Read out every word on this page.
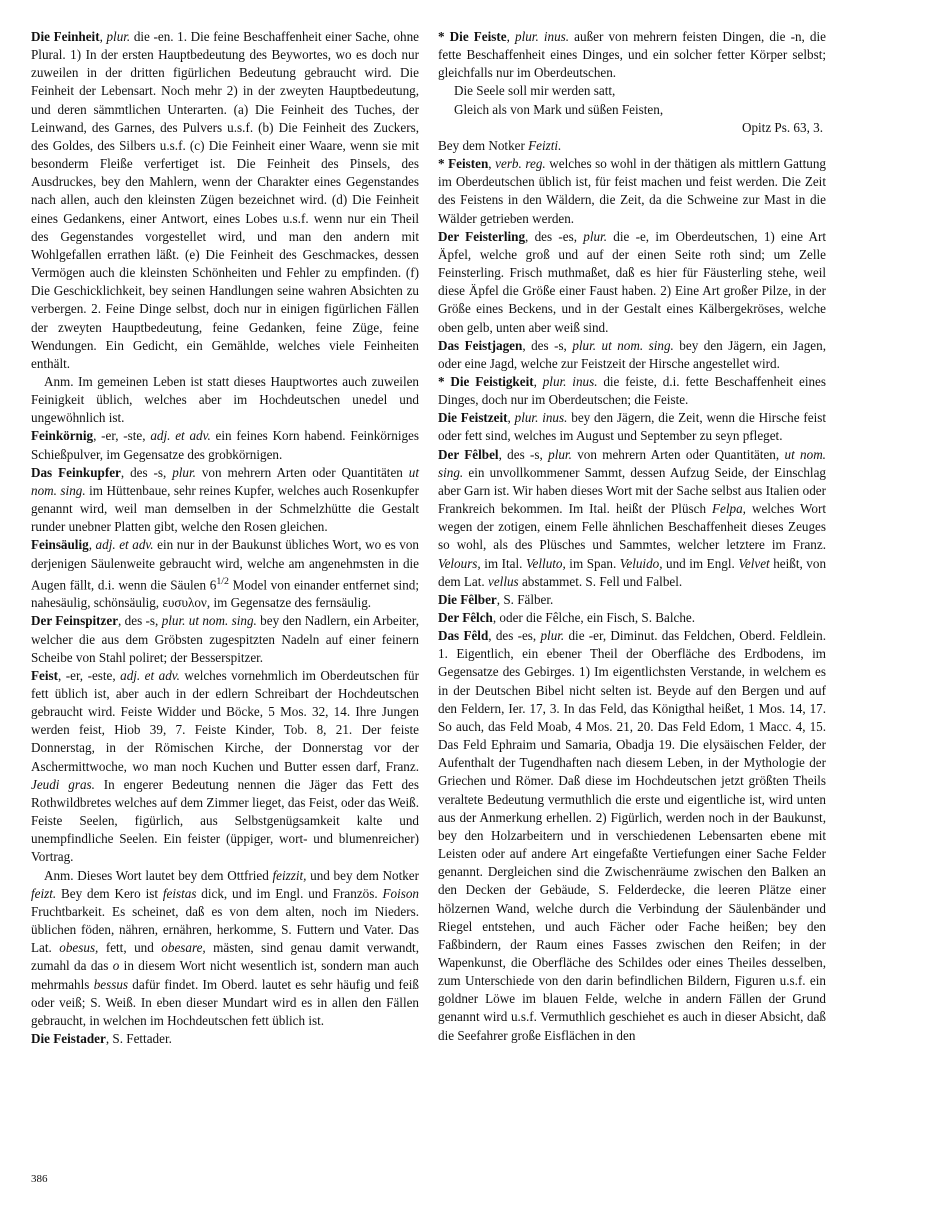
Die Feinheit, plur. die -en. 1. Die feine Beschaffenheit einer Sache, ohne Plural. 1) In der ersten Hauptbedeutung des Beywortes, wo es doch nur zuweilen in der dritten figürlichen Bedeutung gebraucht wird. Die Feinheit der Lebensart. Noch mehr 2) in der zweyten Hauptbedeutung, und deren sämmtlichen Unterarten. (a) Die Feinheit des Tuches, der Leinwand, des Garnes, des Pulvers u.s.f. (b) Die Feinheit des Zuckers, des Goldes, des Silbers u.s.f. (c) Die Feinheit einer Waare, wenn sie mit besonderm Fleiße verfertiget ist. Die Feinheit des Pinsels, des Ausdruckes, bey den Mahlern, wenn der Charakter eines Gegenstandes nach allen, auch den kleinsten Zügen bezeichnet wird. (d) Die Feinheit eines Gedankens, einer Antwort, eines Lobes u.s.f. wenn nur ein Theil des Gegenstandes vorgestellet wird, und man den andern mit Wohlgefallen errathen läßt. (e) Die Feinheit des Geschmackes, dessen Vermögen auch die kleinsten Schönheiten und Fehler zu empfinden. (f) Die Geschicklichkeit, bey seinen Handlungen seine wahren Absichten zu verbergen. 2. Feine Dinge selbst, doch nur in einigen figürlichen Fällen der zweyten Hauptbedeutung, feine Gedanken, feine Züge, feine Wendungen. Ein Gedicht, ein Gemählde, welches viele Feinheiten enthält.

Anm. Im gemeinen Leben ist statt dieses Hauptwortes auch zuweilen Feinigkeit üblich, welches aber im Hochdeutschen unedel und ungewöhnlich ist.

Feinkörnig, -er, -ste, adj. et adv. ein feines Korn habend. Feinkörniges Schießpulver, im Gegensatze des grobkörnigen.

Das Feinkupfer, des -s, plur. von mehrern Arten oder Quantitäten ut nom. sing. im Hüttenbaue, sehr reines Kupfer, welches auch Rosenkupfer genannt wird, weil man demselben in der Schmelzhütte die Gestalt runder unebner Platten gibt, welche den Rosen gleichen.

Feinsäulig, adj. et adv. ein nur in der Baukunst übliches Wort, wo es von derjenigen Säulenweite gebraucht wird, welche am angenehmsten in die Augen fällt, d.i. wenn die Säulen $6^{1/2}$ Model von einander entfernet sind; nahesäulig, schönsäulig, ευσυλον, im Gegensatze des fernsäulig.

Der Feinspitzer, des -s, plur. ut nom. sing. bey den Nadlern, ein Arbeiter, welcher die aus dem Gröbsten zugespitzten Nadeln auf einer feinern Scheibe von Stahl poliret; der Besserspitzer.

Feist, -er, -este, adj. et adv. welches vornehmlich im Oberdeutschen für fett üblich ist, aber auch in der edlern Schreibart der Hochdeutschen gebraucht wird. Feiste Widder und Böcke, 5 Mos. 32, 14. Ihre Jungen werden feist, Hiob 39, 7. Feiste Kinder, Tob. 8, 21. Der feiste Donnerstag, in der Römischen Kirche, der Donnerstag vor der Aschermittwoche, wo man noch Kuchen und Butter essen darf, Franz. Jeudi gras. In engerer Bedeutung nennen die Jäger das Fett des Rothwildbretes welches auf dem Zimmer lieget, das Feist, oder das Weiß. Feiste Seelen, figürlich, aus Selbstgenügsamkeit kalte und unempfindliche Seelen. Ein feister (üppiger, wort- und blumenreicher) Vortrag.

Anm. Dieses Wort lautet bey dem Ottfried feizzit, und bey dem Notker feizt. Bey dem Kero ist feistas dick, und im Engl. und Französ. Foison Fruchtbarkeit. Es scheinet, daß es von dem alten, noch im Nieders. üblichen föden, nähren, ernähren, herkomme, S. Futtern und Vater. Das Lat. obesus, fett, und obesare, mästen, sind genau damit verwandt, zumahl da das o in diesem Wort nicht wesentlich ist, sondern man auch mehrmahls bessus dafür findet. Im Oberd. lautet es sehr häufig und feiß oder veiß; S. Weiß. In eben dieser Mundart wird es in allen den Fällen gebraucht, in welchen im Hochdeutschen fett üblich ist.

Die Feistader, S. Fettader.

* Die Feiste, plur. inus. außer von mehrern feisten Dingen, die -n, die fette Beschaffenheit eines Dinges, und ein solcher fetter Körper selbst; gleichfalls nur im Oberdeutschen.

Die Seele soll mir werden satt,
Gleich als von Mark und süßen Feisten,
Opitz Ps. 63, 3.

Bey dem Notker Feizti.

* Feisten, verb. reg. welches so wohl in der thätigen als mittlern Gattung im Oberdeutschen üblich ist, für feist machen und feist werden. Die Zeit des Feistens in den Wäldern, die Zeit, da die Schweine zur Mast in die Wälder getrieben werden.

Der Feisterling, des -es, plur. die -e, im Oberdeutschen, 1) eine Art Äpfel, welche groß und auf der einen Seite roth sind; um Zelle Feinsterling. Frisch muthmaßet, daß es hier für Fäusterling stehe, weil diese Äpfel die Größe einer Faust haben. 2) Eine Art großer Pilze, in der Größe eines Beckens, und in der Gestalt eines Kälbergekröses, welche oben gelb, unten aber weiß sind.

Das Feistjagen, des -s, plur. ut nom. sing. bey den Jägern, ein Jagen, oder eine Jagd, welche zur Feistzeit der Hirsche angestellet wird.

* Die Feistigkeit, plur. inus. die feiste, d.i. fette Beschaffenheit eines Dinges, doch nur im Oberdeutschen; die Feiste.

Die Feistzeit, plur. inus. bey den Jägern, die Zeit, wenn die Hirsche feist oder fett sind, welches im August und September zu seyn pfleget.

Der Fêlbel, des -s, plur. von mehrern Arten oder Quantitäten, ut nom. sing. ein unvollkommener Sammt, dessen Aufzug Seide, der Einschlag aber Garn ist. Wir haben dieses Wort mit der Sache selbst aus Italien oder Frankreich bekommen. Im Ital. heißt der Plüsch Felpa, welches Wort wegen der zotigen, einem Felle ähnlichen Beschaffenheit dieses Zeuges so wohl, als des Plüsches und Sammtes, welcher letztere im Franz. Velours, im Ital. Velluto, im Span. Veluido, und im Engl. Velvet heißt, von dem Lat. vellus abstammet. S. Fell und Falbel.

Die Fêlber, S. Fälber.

Der Fêlch, oder die Fêlche, ein Fisch, S. Balche.

Das Fêld, des -es, plur. die -er, Diminut. das Feldchen, Oberd. Feldlein. 1. Eigentlich, ein ebener Theil der Oberfläche des Erdbodens, im Gegensatze des Gebirges. 1) Im eigentlichsten Verstande, in welchem es in der Deutschen Bibel nicht selten ist. Beyde auf den Bergen und auf den Feldern, Ier. 17, 3. In das Feld, das Königthal heißet, 1 Mos. 14, 17. So auch, das Feld Moab, 4 Mos. 21, 20. Das Feld Edom, 1 Macc. 4, 15. Das Feld Ephraim und Samaria, Obadja 19. Die elysäischen Felder, der Aufenthalt der Tugendhaften nach diesem Leben, in der Mythologie der Griechen und Römer. Daß diese im Hochdeutschen jetzt größten Theils veraltete Bedeutung vermuthlich die erste und eigentliche ist, wird unten aus der Anmerkung erhellen. 2) Figürlich, werden noch in der Baukunst, bey den Holzarbeitern und in verschiedenen Lebensarten ebene mit Leisten oder auf andere Art eingefaßte Vertiefungen einer Sache Felder genannt. Dergleichen sind die Zwischenräume zwischen den Balken an den Decken der Gebäude, S. Felderdecke, die leeren Plätze einer hölzernen Wand, welche durch die Verbindung der Säulenbänder und Riegel entstehen, und auch Fächer oder Fache heißen; bey den Faßbindern, der Raum eines Fasses zwischen den Reifen; in der Wapenkunst, die Oberfläche des Schildes oder eines Theiles desselben, zum Unterschiede von den darin befindlichen Bildern, Figuren u.s.f. ein goldner Löwe im blauen Felde, welche in andern Fällen der Grund genannt wird u.s.f. Vermuthlich geschiehet es auch in dieser Absicht, daß die Seefahrer große Eisflächen in den

386
